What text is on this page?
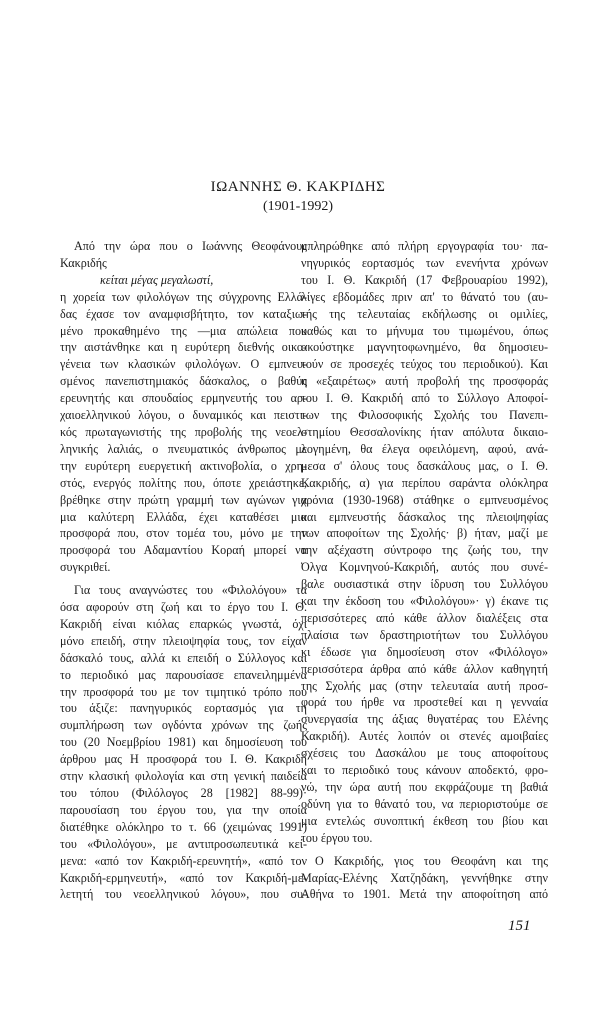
ΙΩΑΝΝΗΣ Θ. ΚΑΚΡΙΔΗΣ
(1901-1992)
Από την ώρα που ο Ιωάννης Θεοφάνους
Κακριδής
κείται μέγας μεγαλωστί,
η χορεία των φιλολόγων της σύγχρονης Ελλά-
δας έχασε τον αναμφισβήτητο, τον καταξιω-
μένο προκαθημένο της —μια απώλεια που
την αιστάνθηκε και η ευρύτερη διεθνής οικο-
γένεια των κλασικών φιλολόγων. Ο εμπνευ-
σμένος πανεπιστημιακός δάσκαλος, ο βαθύς
ερευνητής και σπουδαίος ερμηνευτής του αρ-
χαιοελληνικού λόγου, ο δυναμικός και πειστι-
κός πρωταγωνιστής της προβολής της νεοελ-
ληνικής λαλιάς, ο πνευματικός άνθρωπος με
την ευρύτερη ευεργετική ακτινοβολία, ο χρη-
στός, ενεργός πολίτης που, όποτε χρειάστηκε,
βρέθηκε στην πρώτη γραμμή των αγώνων για
μια καλύτερη Ελλάδα, έχει καταθέσει μια
προσφορά που, στον τομέα του, μόνο με την
προσφορά του Αδαμαντίου Κοραή μπορεί να
συγκριθεί.
Για τους αναγνώστες του «Φιλολόγου» τα
όσα αφορούν στη ζωή και το έργο του Ι. Θ.
Κακριδή είναι κιόλας επαρκώς γνωστά, όχι
μόνο επειδή, στην πλειοψηφία τους, τον είχαν
δάσκαλό τους, αλλά κι επειδή ο Σύλλογος και
το περιοδικό μας παρουσίασε επανειλημμένα
την προσφορά του με τον τιμητικό τρόπο που
του άξιζε: πανηγυρικός εορτασμός για τη
συμπλήρωση των ογδόντα χρόνων της ζωής
του (20 Νοεμβρίου 1981) και δημοσίευση του
άρθρου μας Η προσφορά του Ι. Θ. Κακριδή
στην κλασική φιλολογία και στη γενική παιδεία
του τόπου (Φιλόλογος 28 [1982] 88-99)·
παρουσίαση του έργου του, για την οποία
διατέθηκε ολόκληρο το τ. 66 (χειμώνας 1991)
του «Φιλολόγου», με αντιπροσωπευτικά κεί-
μενα: «από τον Κακριδή-ερευνητή», «από τον
Κακριδή-ερμηνευτή», «από τον Κακριδή-με-
λετητή του νεοελληνικού λόγου», που συ-
μπληρώθηκε από πλήρη εργογραφία του· πα-
νηγυρικός εορτασμός των ενενήντα χρόνων
του Ι. Θ. Κακριδή (17 Φεβρουαρίου 1992),
λίγες εβδομάδες πριν απ' το θάνατό του (αυ-
τής της τελευταίας εκδήλωσης οι ομιλίες,
καθώς και το μήνυμα του τιμωμένου, όπως
ακούστηκε μαγνητοφωνημένο, θα δημοσιευ-
τούν σε προσεχές τεύχος του περιοδικού). Και
η «εξαιρέτως» αυτή προβολή της προσφοράς
του Ι. Θ. Κακριδή από το Σύλλογο Αποφοί-
των της Φιλοσοφικής Σχολής του Πανεπι-
στημίου Θεσσαλονίκης ήταν απόλυτα δικαιο-
λογημένη, θα έλεγα οφειλόμενη, αφού, ανά-
μεσα σ' όλους τους δασκάλους μας, ο Ι. Θ.
Κακριδής, α) για περίπου σαράντα ολόκληρα
χρόνια (1930-1968) στάθηκε ο εμπνευσμένος
και εμπνευστής δάσκαλος της πλειοψηφίας
των αποφοίτων της Σχολής· β) ήταν, μαζί με
την αξέχαστη σύντροφο της ζωής του, την
Όλγα Κομνηνού-Κακριδή, αυτός που συνέ-
βαλε ουσιαστικά στην ίδρυση του Συλλόγου
και την έκδοση του «Φιλολόγου»· γ) έκανε τις
περισσότερες από κάθε άλλον διαλέξεις στα
πλαίσια των δραστηριοτήτων του Συλλόγου
κι έδωσε για δημοσίευση στον «Φιλόλογο»
περισσότερα άρθρα από κάθε άλλον καθηγητή
της Σχολής μας (στην τελευταία αυτή προσ-
φορά του ήρθε να προστεθεί και η γενναία
συνεργασία της άξιας θυγατέρας του Ελένης
Κακριδή). Αυτές λοιπόν οι στενές αμοιβαίες
σχέσεις του Δασκάλου με τους αποφοίτους
και το περιοδικό τους κάνουν αποδεκτό, φρο-
νώ, την ώρα αυτή που εκφράζουμε τη βαθιά
οδύνη για το θάνατό του, να περιοριστούμε σε
μια εντελώς συνοπτική έκθεση του βίου και
του έργου του.
Ο Κακριδής, γιος του Θεοφάνη και της
Μαρίας-Ελένης Χατζηδάκη, γεννήθηκε στην
Αθήνα το 1901. Μετά την αποφοίτηση από
151
